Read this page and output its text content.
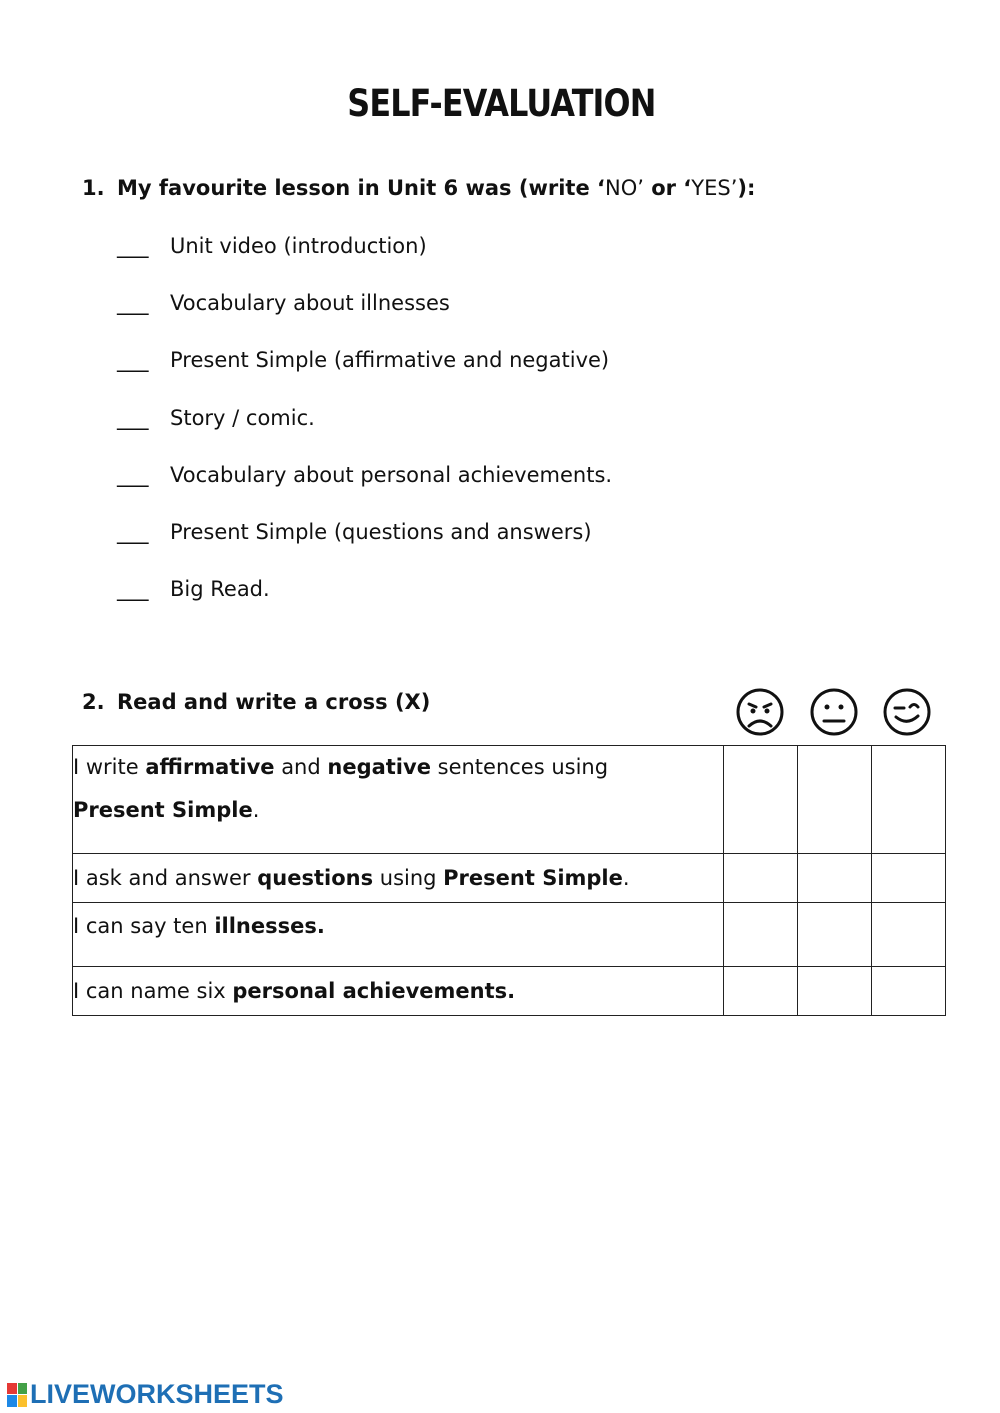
SELF-EVALUATION
1. My favourite lesson in Unit 6 was (write ‘NO’ or ‘YES’):
___ Unit video (introduction)
___ Vocabulary about illnesses
___ Present Simple (affirmative and negative)
___ Story / comic.
___ Vocabulary about personal achievements.
___ Present Simple (questions and answers)
___ Big Read.
2. Read and write a cross (X)
I write affirmative and negative sentences using
Present Simple.			
I ask and answer questions using Present Simple.			
I can say ten illnesses.			
I can name six personal achievements.			
LIVEWORKSHEETS
